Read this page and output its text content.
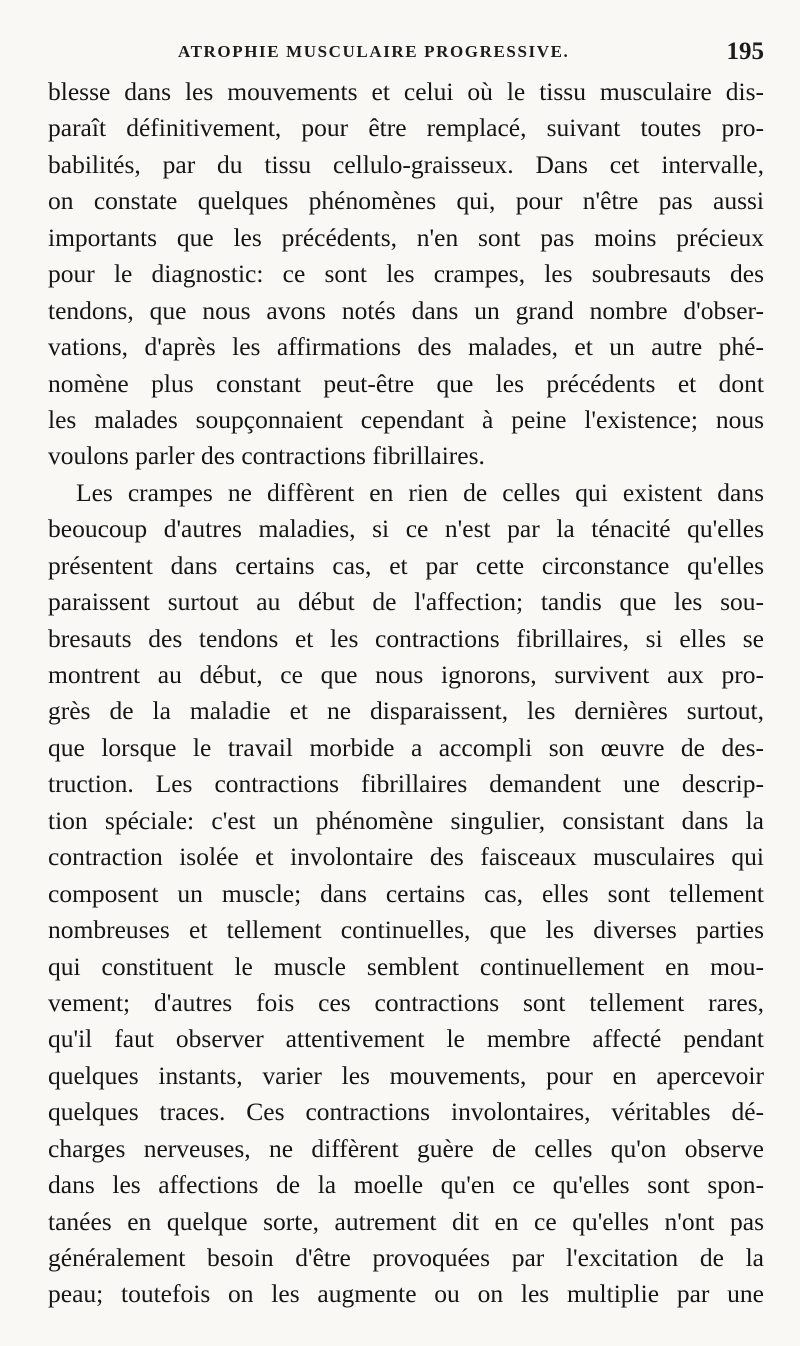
ATROPHIE MUSCULAIRE PROGRESSIVE.	195
blesse dans les mouvements et celui où le tissu musculaire dis-
paraît définitivement, pour être remplacé, suivant toutes pro-
babilités, par du tissu cellulo-graisseux. Dans cet intervalle,
on constate quelques phénomènes qui, pour n'être pas aussi
importants que les précédents, n'en sont pas moins précieux
pour le diagnostic: ce sont les crampes, les soubresauts des
tendons, que nous avons notés dans un grand nombre d'obser-
vations, d'après les affirmations des malades, et un autre phé-
nomène plus constant peut-être que les précédents et dont
les malades soupçonnaient cependant à peine l'existence; nous
voulons parler des contractions fibrillaires.
Les crampes ne diffèrent en rien de celles qui existent dans
beoucoup d'autres maladies, si ce n'est par la ténacité qu'elles
présentent dans certains cas, et par cette circonstance qu'elles
paraissent surtout au début de l'affection; tandis que les sou-
bresauts des tendons et les contractions fibrillaires, si elles se
montrent au début, ce que nous ignorons, survivent aux pro-
grès de la maladie et ne disparaissent, les dernières surtout,
que lorsque le travail morbide a accompli son œuvre de des-
truction. Les contractions fibrillaires demandent une descrip-
tion spéciale: c'est un phénomène singulier, consistant dans la
contraction isolée et involontaire des faisceaux musculaires qui
composent un muscle; dans certains cas, elles sont tellement
nombreuses et tellement continuelles, que les diverses parties
qui constituent le muscle semblent continuellement en mou-
vement; d'autres fois ces contractions sont tellement rares,
qu'il faut observer attentivement le membre affecté pendant
quelques instants, varier les mouvements, pour en apercevoir
quelques traces. Ces contractions involontaires, véritables dé-
charges nerveuses, ne diffèrent guère de celles qu'on observe
dans les affections de la moelle qu'en ce qu'elles sont spon-
tanées en quelque sorte, autrement dit en ce qu'elles n'ont pas
généralement besoin d'être provoquées par l'excitation de la
peau; toutefois on les augmente ou on les multiplie par une
